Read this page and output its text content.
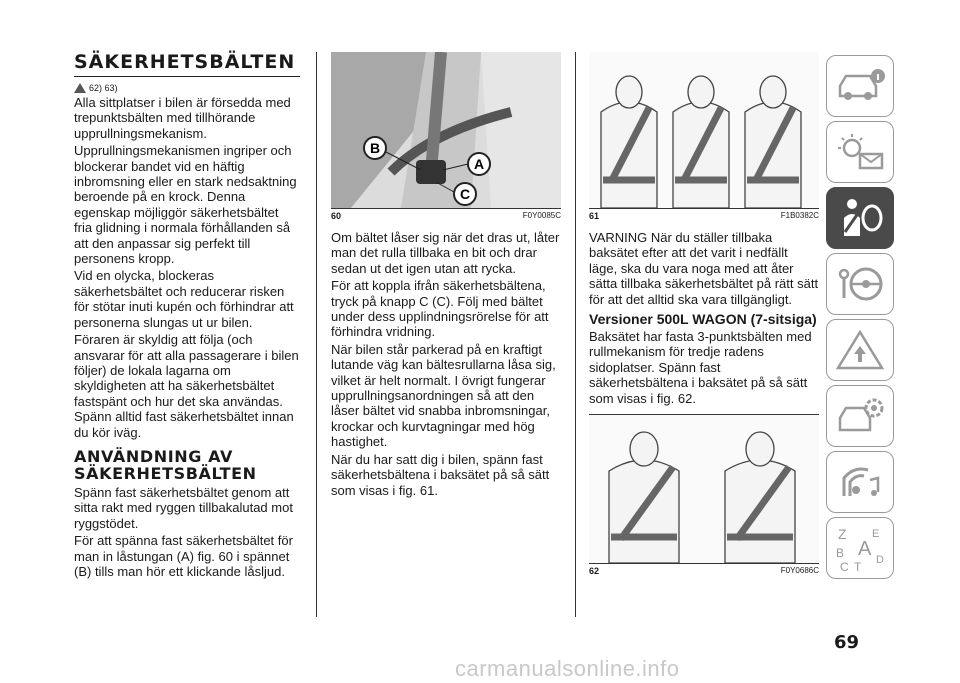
SÄKERHETSBÄLTEN
62) 63)

Alla sittplatser i bilen är försedda med trepunktsbälten med tillhörande upprullningsmekanism.

Upprullningsmekanismen ingriper och blockerar bandet vid en häftig inbromsning eller en stark nedsaktning beroende på en krock. Denna egenskap möjliggör säkerhetsbältet fria glidning i normala förhållanden så att den anpassar sig perfekt till personens kropp.

Vid en olycka, blockeras säkerhetsbältet och reducerar risken för stötar inuti kupén och förhindrar att personerna slungas ut ur bilen.

Föraren är skyldig att följa (och ansvarar för att alla passagerare i bilen följer) de lokala lagarna om skyldigheten att ha säkerhetsbältet fastspänt och hur det ska användas. Spänn alltid fast säkerhetsbältet innan du kör iväg.

ANVÄNDNING AV
SÄKERHETSBÄLTEN

Spänn fast säkerhetsbältet genom att sitta rakt med ryggen tillbakalutad mot ryggstödet.

För att spänna fast säkerhetsbältet för man in låstungan (A) fig. 60 i spännet (B) tills man hör ett klickande låsljud.

B
A
C
60	F0Y0085C

Om bältet låser sig när det dras ut, låter man det rulla tillbaka en bit och drar sedan ut det igen utan att rycka.

För att koppla ifrån säkerhetsbältena, tryck på knapp C (C). Följ med bältet under dess upplindningsrörelse för att förhindra vridning.

När bilen står parkerad på en kraftigt lutande väg kan bältesrullarna låsa sig, vilket är helt normalt. I övrigt fungerar upprullningsanordningen så att den låser bältet vid snabba inbromsningar, krockar och kurvtagningar med hög hastighet.

När du har satt dig i bilen, spänn fast säkerhetsbältena i baksätet på så sätt som visas i fig. 61.

61	F1B0382C

VARNING När du ställer tillbaka baksätet efter att det varit i nedfällt läge, ska du vara noga med att åter sätta tillbaka säkerhetsbältet på rätt sätt för att det alltid ska vara tillgängligt.

Versioner 500L WAGON (7-sitsiga)

Baksätet har fasta 3-punktsbälten med rullmekanism för tredje radens sidoplatser. Spänn fast säkerhetsbältena i baksätet på så sätt som visas i fig. 62.

62	F0Y0686C
Z E
B A
C T D
69
carmanualsonline.info
